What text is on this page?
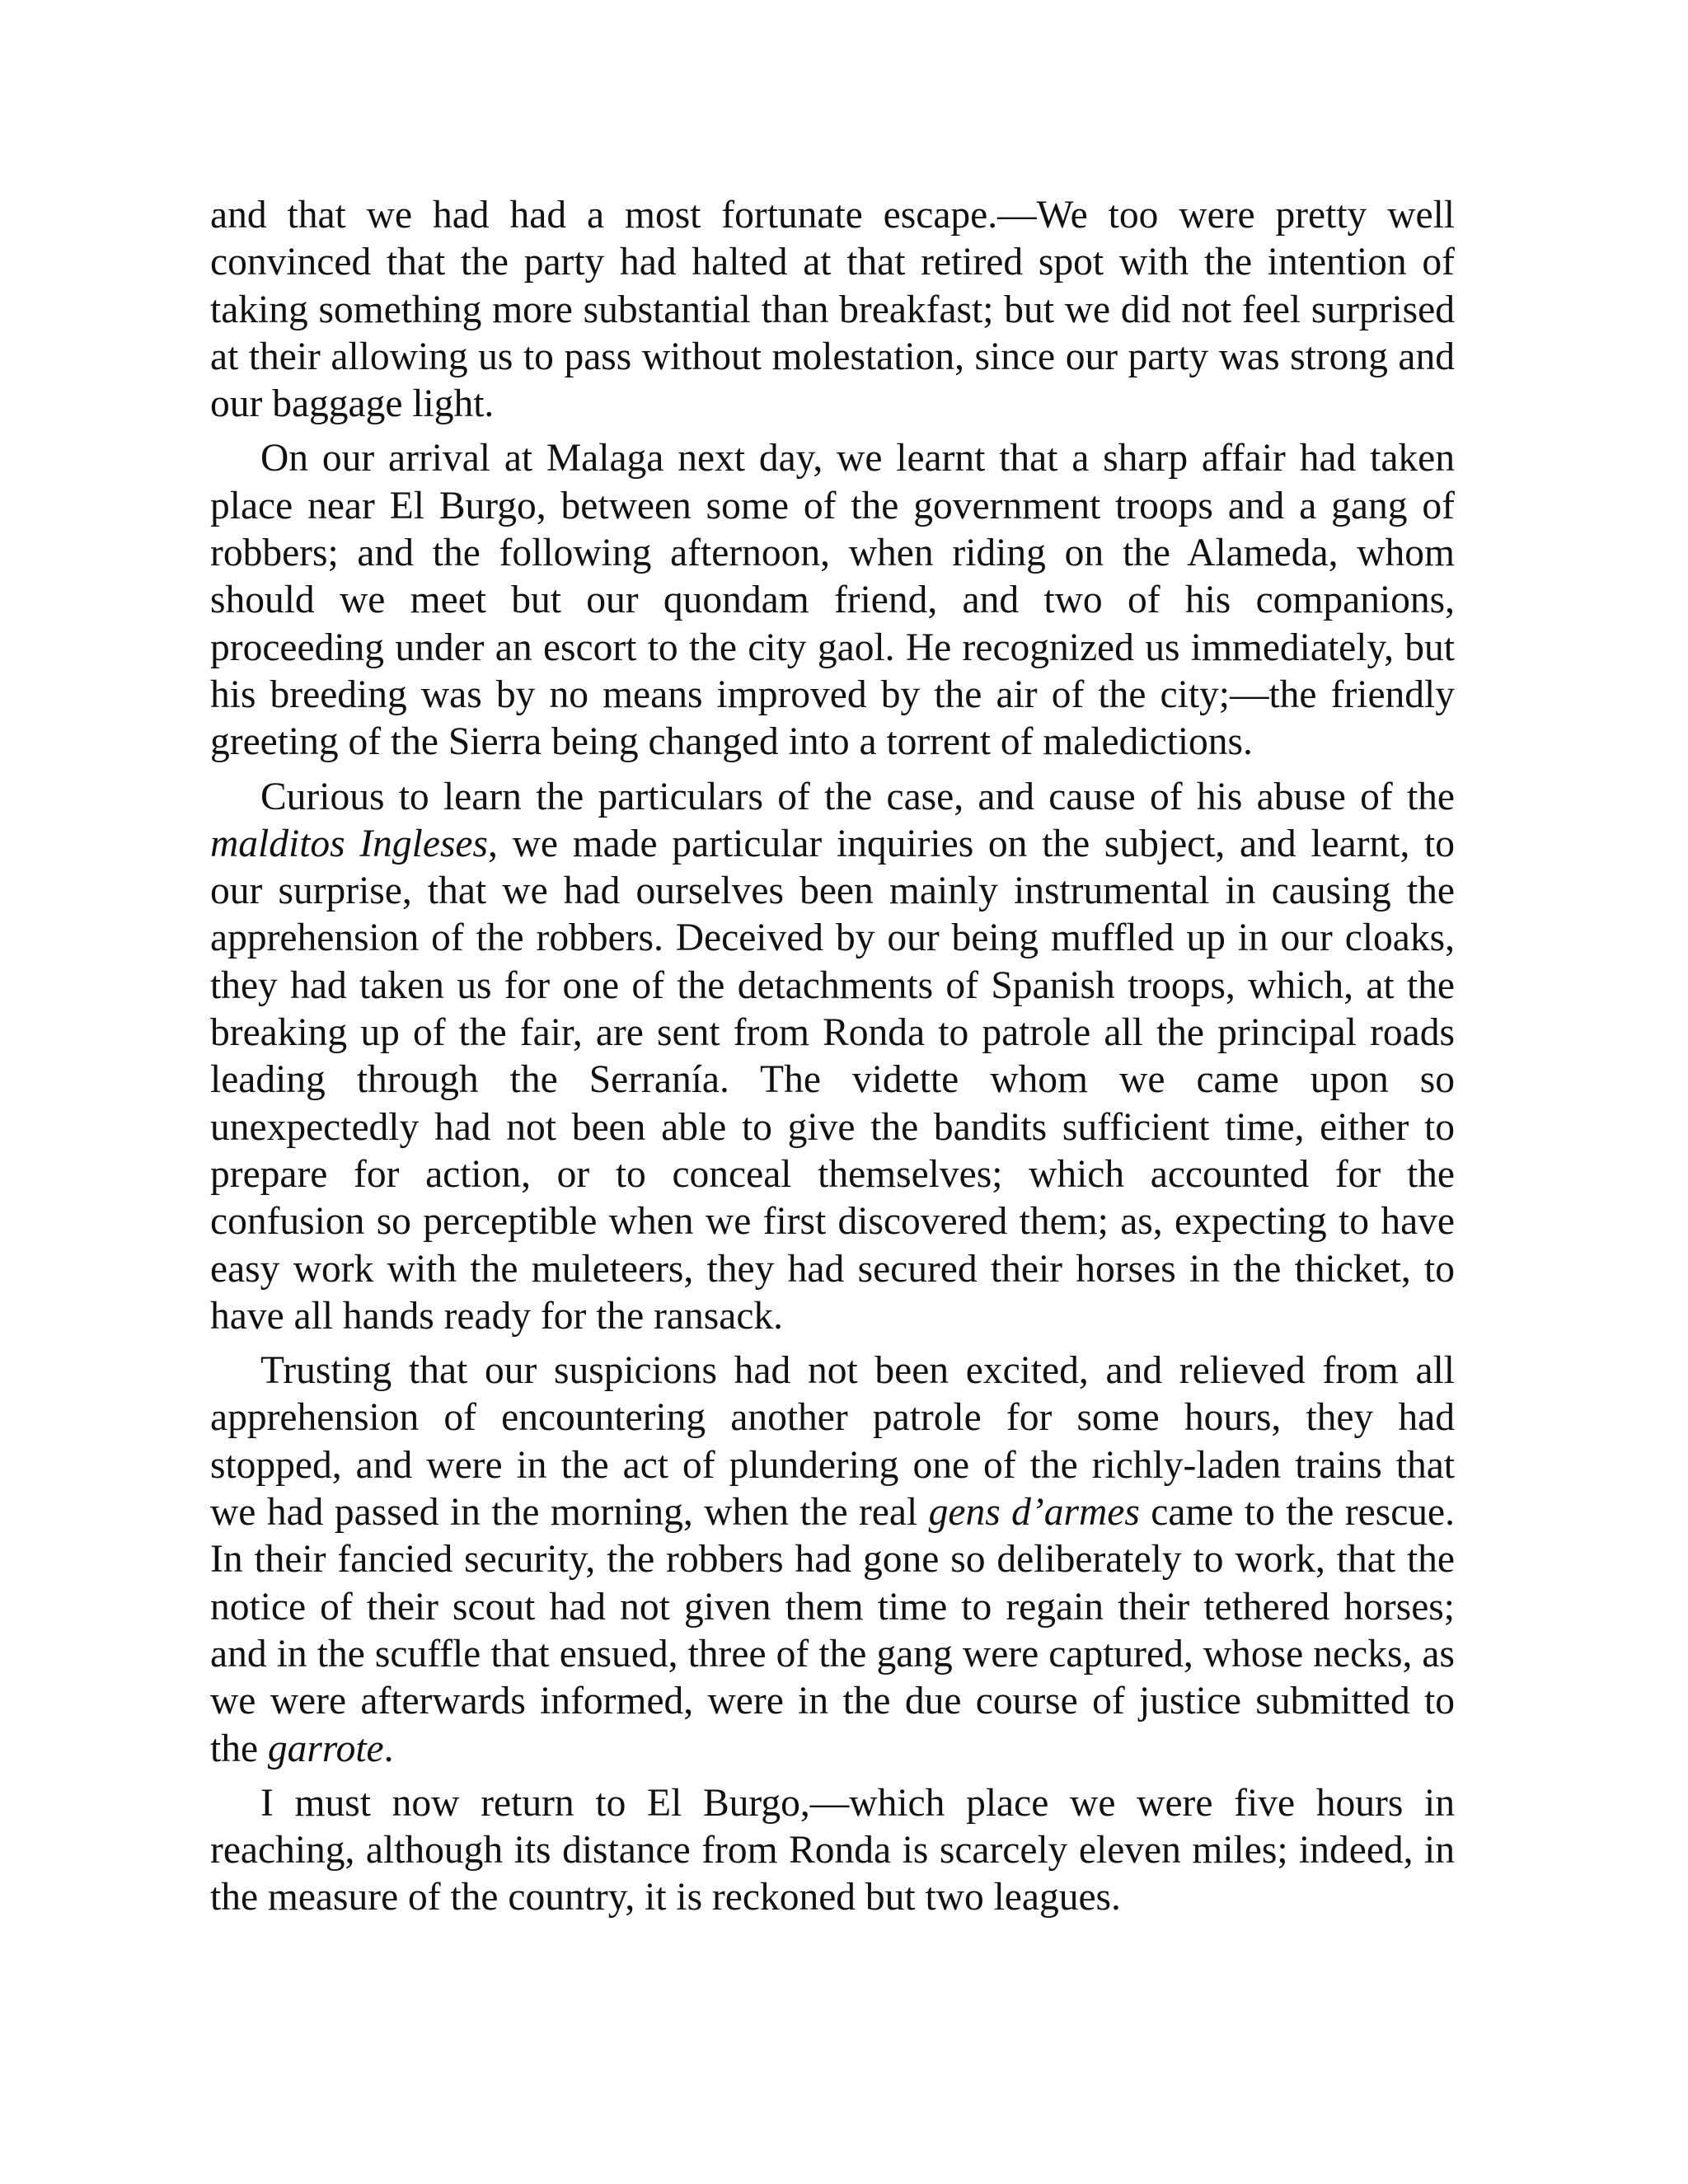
and that we had had a most fortunate escape.—We too were pretty well convinced that the party had halted at that retired spot with the intention of taking something more substantial than breakfast; but we did not feel surprised at their allowing us to pass without molestation, since our party was strong and our baggage light.

On our arrival at Malaga next day, we learnt that a sharp affair had taken place near El Burgo, between some of the government troops and a gang of robbers; and the following afternoon, when riding on the Alameda, whom should we meet but our quondam friend, and two of his companions, proceeding under an escort to the city gaol. He recognized us immediately, but his breeding was by no means improved by the air of the city;—the friendly greeting of the Sierra being changed into a torrent of maledictions.

Curious to learn the particulars of the case, and cause of his abuse of the malditos Ingleses, we made particular inquiries on the subject, and learnt, to our surprise, that we had ourselves been mainly instrumental in causing the apprehension of the robbers. Deceived by our being muffled up in our cloaks, they had taken us for one of the detachments of Spanish troops, which, at the breaking up of the fair, are sent from Ronda to patrole all the principal roads leading through the Serranía. The vidette whom we came upon so unexpectedly had not been able to give the bandits sufficient time, either to prepare for action, or to conceal themselves; which accounted for the confusion so perceptible when we first discovered them; as, expecting to have easy work with the muleteers, they had secured their horses in the thicket, to have all hands ready for the ransack.

Trusting that our suspicions had not been excited, and relieved from all apprehension of encountering another patrole for some hours, they had stopped, and were in the act of plundering one of the richly-laden trains that we had passed in the morning, when the real gens d’armes came to the rescue. In their fancied security, the robbers had gone so deliberately to work, that the notice of their scout had not given them time to regain their tethered horses; and in the scuffle that ensued, three of the gang were captured, whose necks, as we were afterwards informed, were in the due course of justice submitted to the garrote.

I must now return to El Burgo,—which place we were five hours in reaching, although its distance from Ronda is scarcely eleven miles; indeed, in the measure of the country, it is reckoned but two leagues.
